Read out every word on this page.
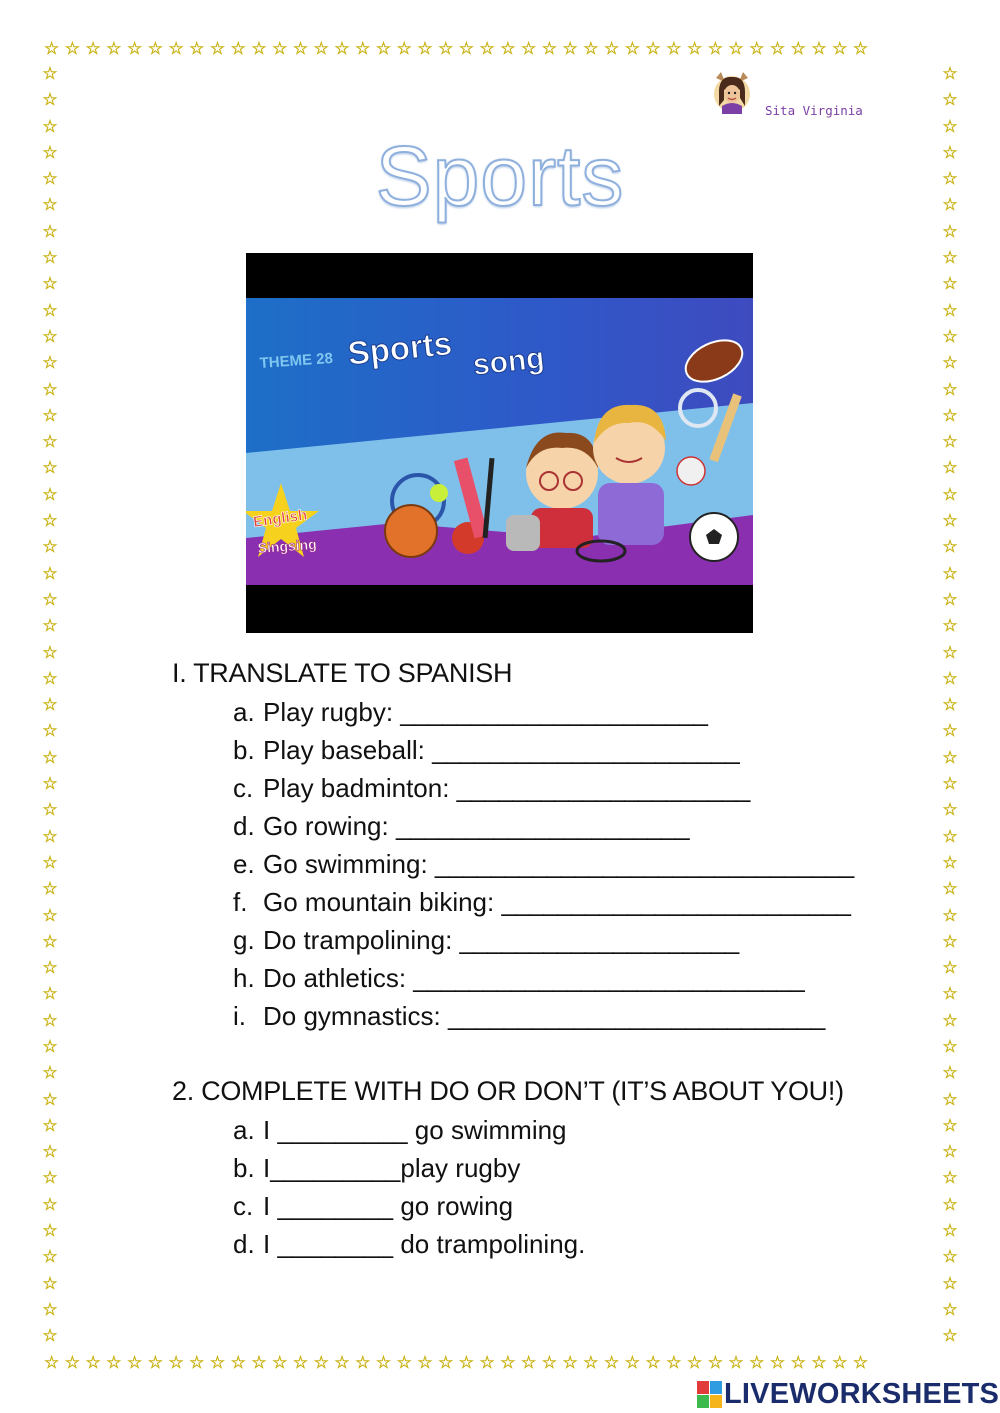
☆☆☆☆☆☆☆☆☆☆☆☆☆☆☆☆☆☆☆☆☆☆☆☆☆☆☆☆☆☆☆☆☆☆☆☆☆☆☆☆
☆☆☆☆☆☆☆☆☆☆☆☆☆☆☆☆☆☆☆☆☆☆☆☆☆☆☆☆☆☆☆☆☆☆☆☆☆☆☆☆
☆
☆
☆
☆
☆
☆
☆
☆
☆
☆
☆
☆
☆
☆
☆
☆
☆
☆
☆
☆
☆
☆
☆
☆
☆
☆
☆
☆
☆
☆
☆
☆
☆
☆
☆
☆
☆
☆
☆
☆
☆
☆
☆
☆
☆
☆
☆
☆
☆
☆
☆
☆
☆
☆
☆
☆
☆
☆
☆
☆
☆
☆
☆
☆
☆
☆
☆
☆
☆
☆
☆
☆
☆
☆
☆
☆
☆
☆
☆
☆
☆
☆
☆
☆
☆
☆
☆
☆
☆
☆
☆
☆
☆
☆
☆
☆
☆
☆
Sita Virginia
Sports
THEME 28 Sports song
English
Singsing
I. TRANSLATE TO SPANISH
a. Play rugby: ______________________
b. Play baseball: ______________________
c. Play badminton: _____________________
d. Go rowing: _____________________
e. Go swimming: ______________________________
f. Go mountain biking: _________________________
g. Do trampolining: ____________________
h. Do athletics: ____________________________
i. Do gymnastics: ___________________________
2. COMPLETE WITH DO OR DON’T (IT’S ABOUT YOU!)
a. I _________ go swimming
b. I_________play rugby
c. I ________ go rowing
d. I ________ do trampolining.
LIVEWORKSHEETS
